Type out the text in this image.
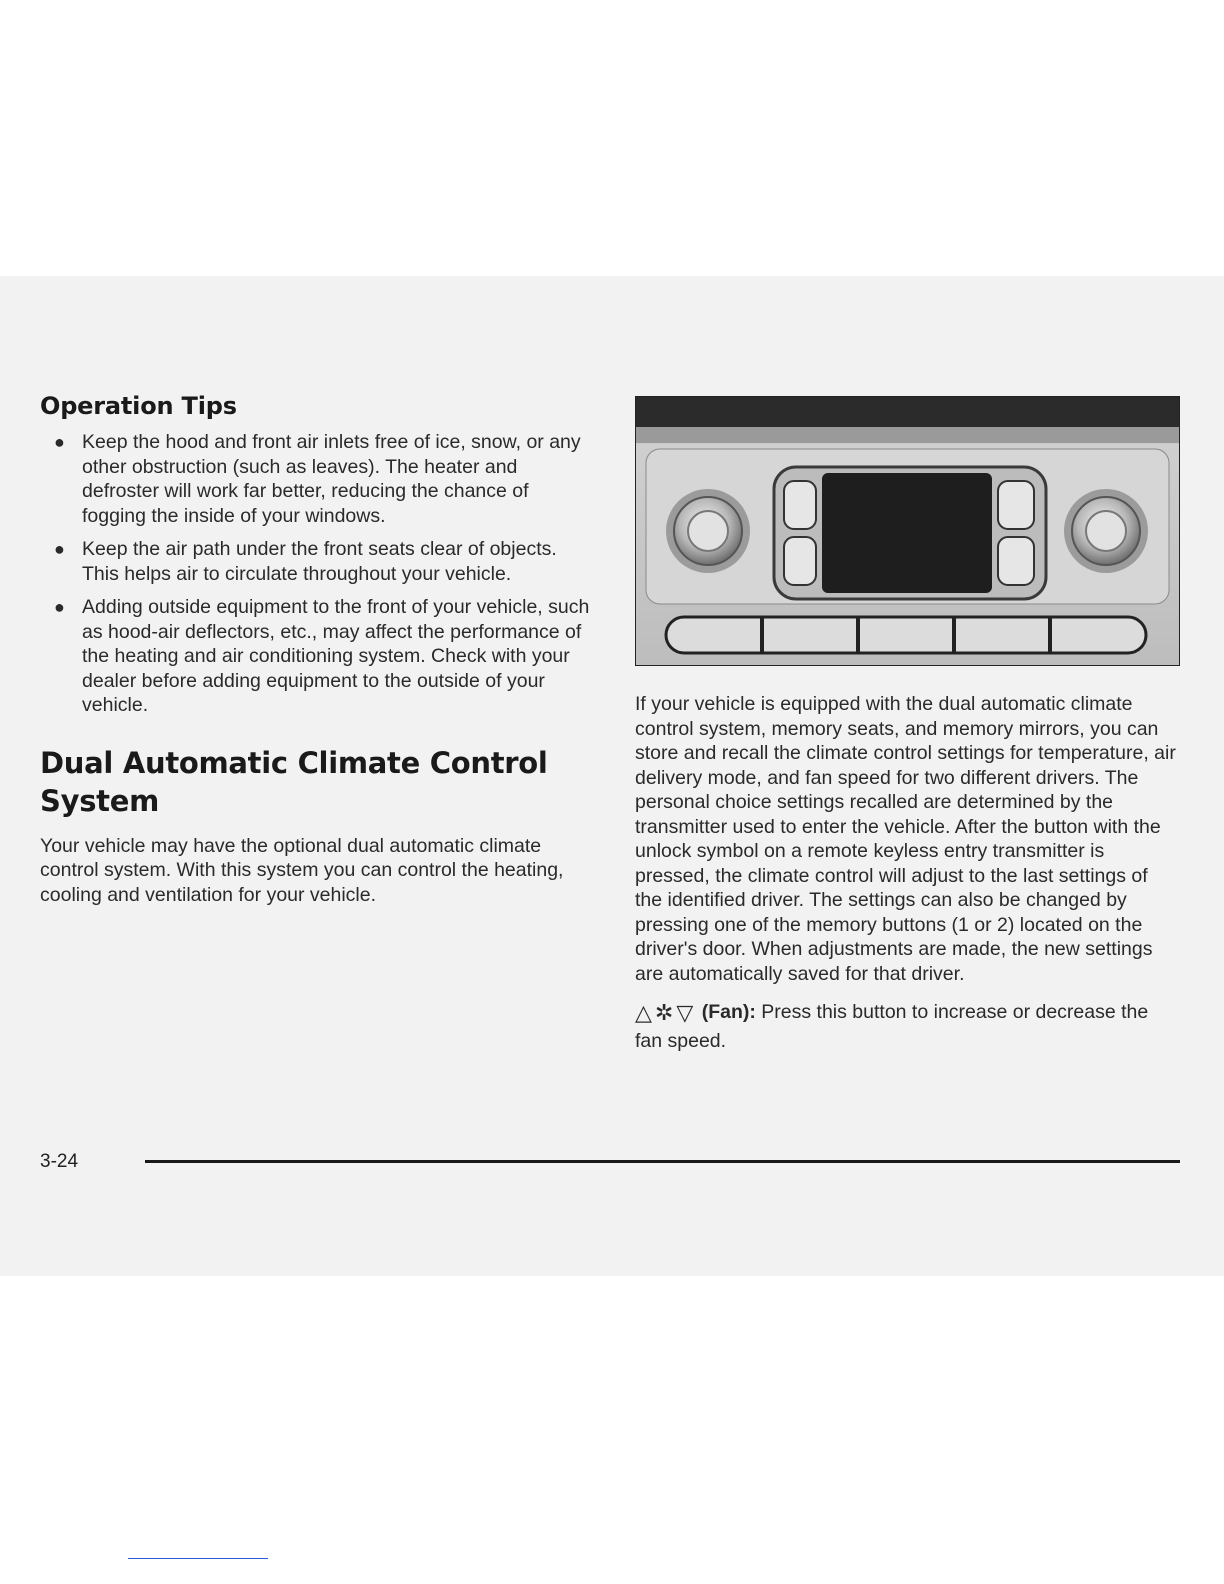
Operation Tips
● Keep the hood and front air inlets free of ice, snow, or any other obstruction (such as leaves). The heater and defroster will work far better, reducing the chance of fogging the inside of your windows.
● Keep the air path under the front seats clear of objects. This helps air to circulate throughout your vehicle.
● Adding outside equipment to the front of your vehicle, such as hood-air deflectors, etc., may affect the performance of the heating and air conditioning system. Check with your dealer before adding equipment to the outside of your vehicle.
Dual Automatic Climate Control System

Your vehicle may have the optional dual automatic climate control system. With this system you can control the heating, cooling and ventilation for your vehicle.

If your vehicle is equipped with the dual automatic climate control system, memory seats, and memory mirrors, you can store and recall the climate control settings for temperature, air delivery mode, and fan speed for two different drivers. The personal choice settings recalled are determined by the transmitter used to enter the vehicle. After the button with the unlock symbol on a remote keyless entry transmitter is pressed, the climate control will adjust to the last settings of the identified driver. The settings can also be changed by pressing one of the memory buttons (1 or 2) located on the driver's door. When adjustments are made, the new settings are automatically saved for that driver.

△✲▽ (Fan): Press this button to increase or decrease the fan speed.

3-24
